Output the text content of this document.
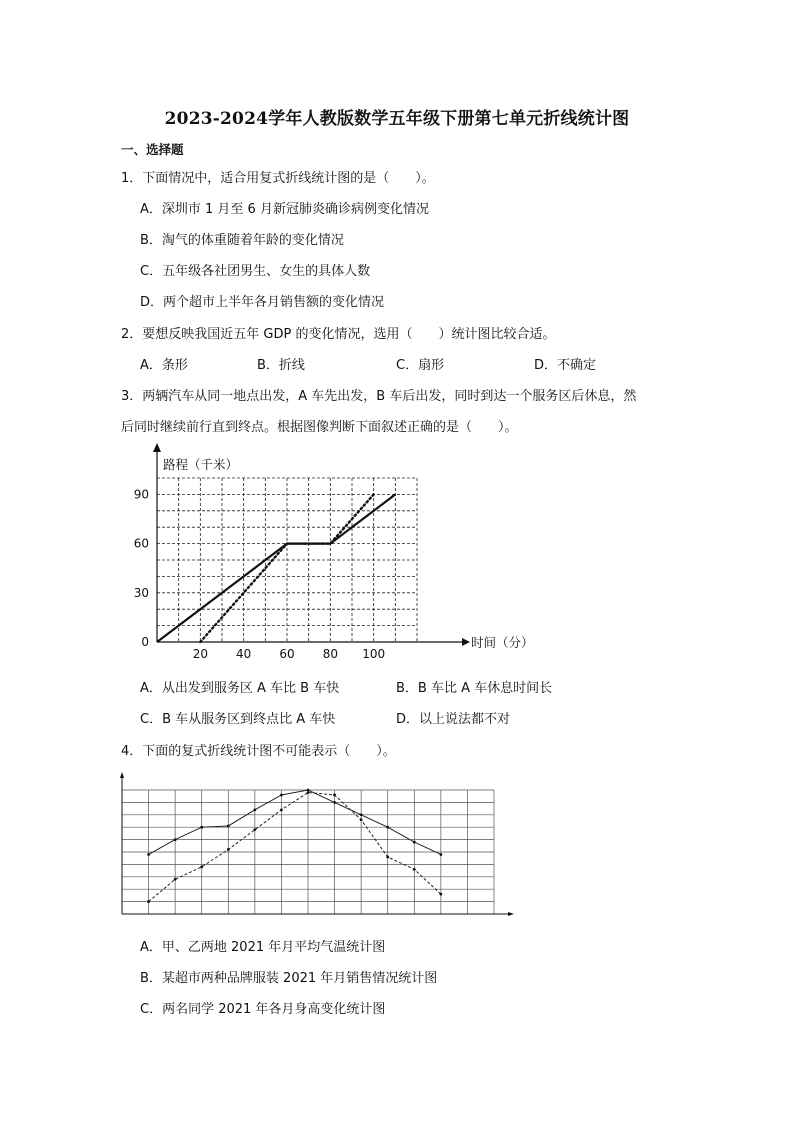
2023-2024学年人教版数学五年级下册第七单元折线统计图
一、选择题
1．下面情况中，适合用复式折线统计图的是（　　）。
A．深圳市 1 月至 6 月新冠肺炎确诊病例变化情况
B．淘气的体重随着年龄的变化情况
C．五年级各社团男生、女生的具体人数
D．两个超市上半年各月销售额的变化情况
2．要想反映我国近五年 GDP 的变化情况，选用（　　）统计图比较合适。
A．条形	B．折线	C．扇形	D．不确定
3．两辆汽车从同一地点出发，A 车先出发，B 车后出发，同时到达一个服务区后休息，然
后同时继续前行直到终点。根据图像判断下面叙述正确的是（　　）。
20 40 60 80 100
0
30
60
90
路程（千米）
时间（分）
A．从出发到服务区 A 车比 B 车快	B．B 车比 A 车休息时间长
C．B 车从服务区到终点比 A 车快	D．以上说法都不对
4．下面的复式折线统计图不可能表示（　　）。
A．甲、乙两地 2021 年月平均气温统计图
B．某超市两种品牌服装 2021 年月销售情况统计图
C．两名同学 2021 年各月身高变化统计图
